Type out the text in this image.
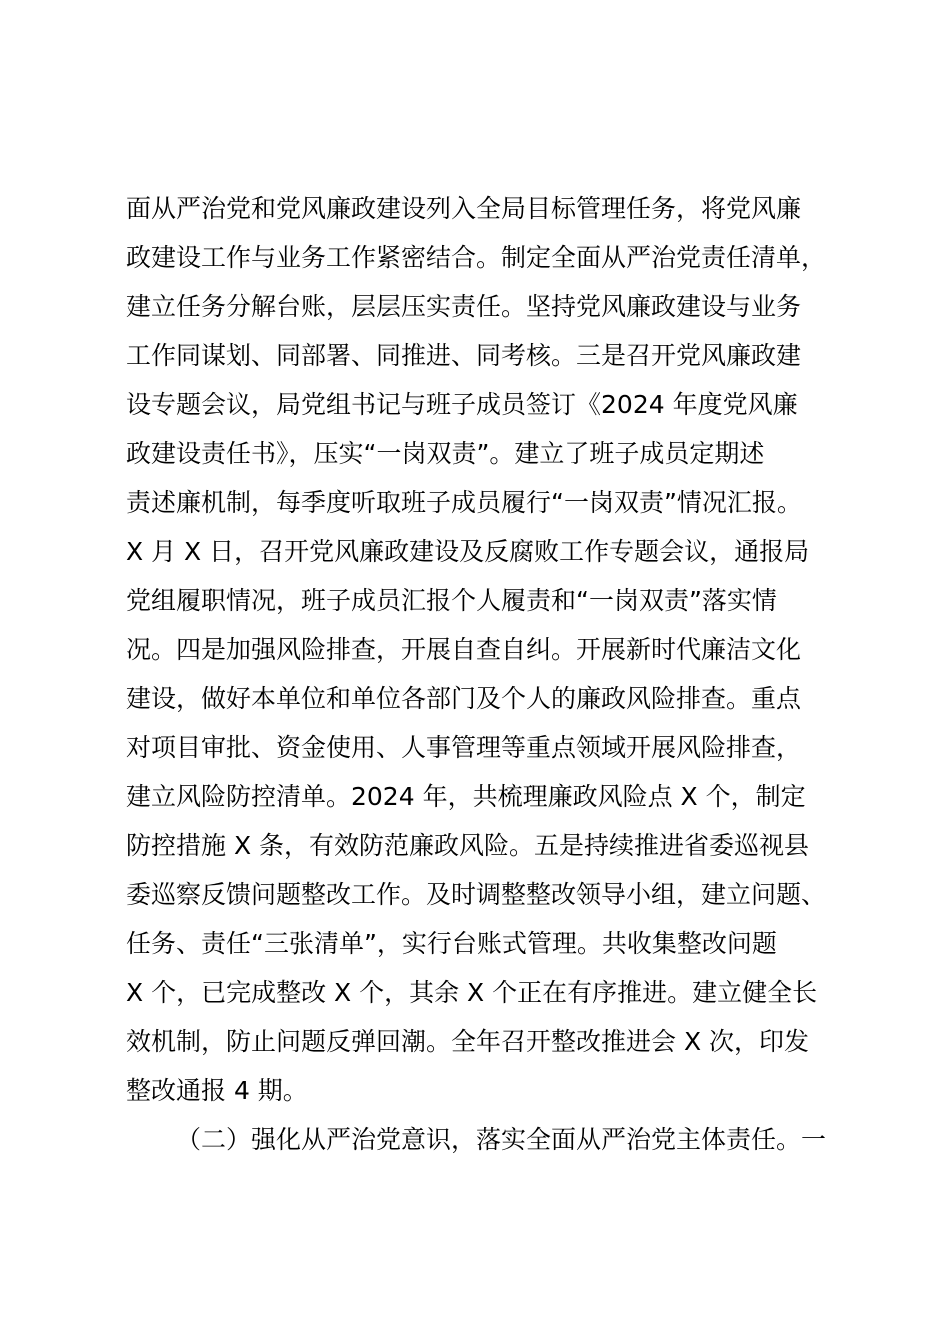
面从严治党和党风廉政建设列入全局目标管理任务，将党风廉
政建设工作与业务工作紧密结合。制定全面从严治党责任清单，
建立任务分解台账，层层压实责任。坚持党风廉政建设与业务
工作同谋划、同部署、同推进、同考核。三是召开党风廉政建
设专题会议，局党组书记与班子成员签订《2024 年度党风廉
政建设责任书》，压实“一岗双责”。建立了班子成员定期述
责述廉机制，每季度听取班子成员履行“一岗双责”情况汇报。
X 月 X 日，召开党风廉政建设及反腐败工作专题会议，通报局
党组履职情况，班子成员汇报个人履责和“一岗双责”落实情
况。四是加强风险排查，开展自查自纠。开展新时代廉洁文化
建设，做好本单位和单位各部门及个人的廉政风险排查。重点
对项目审批、资金使用、人事管理等重点领域开展风险排查，
建立风险防控清单。2024 年，共梳理廉政风险点 X 个，制定
防控措施 X 条，有效防范廉政风险。五是持续推进省委巡视县
委巡察反馈问题整改工作。及时调整整改领导小组，建立问题、
任务、责任“三张清单”，实行台账式管理。共收集整改问题
X 个，已完成整改 X 个，其余 X 个正在有序推进。建立健全长
效机制，防止问题反弹回潮。全年召开整改推进会 X 次，印发
整改通报 4 期。
（二）强化从严治党意识，落实全面从严治党主体责任。一
